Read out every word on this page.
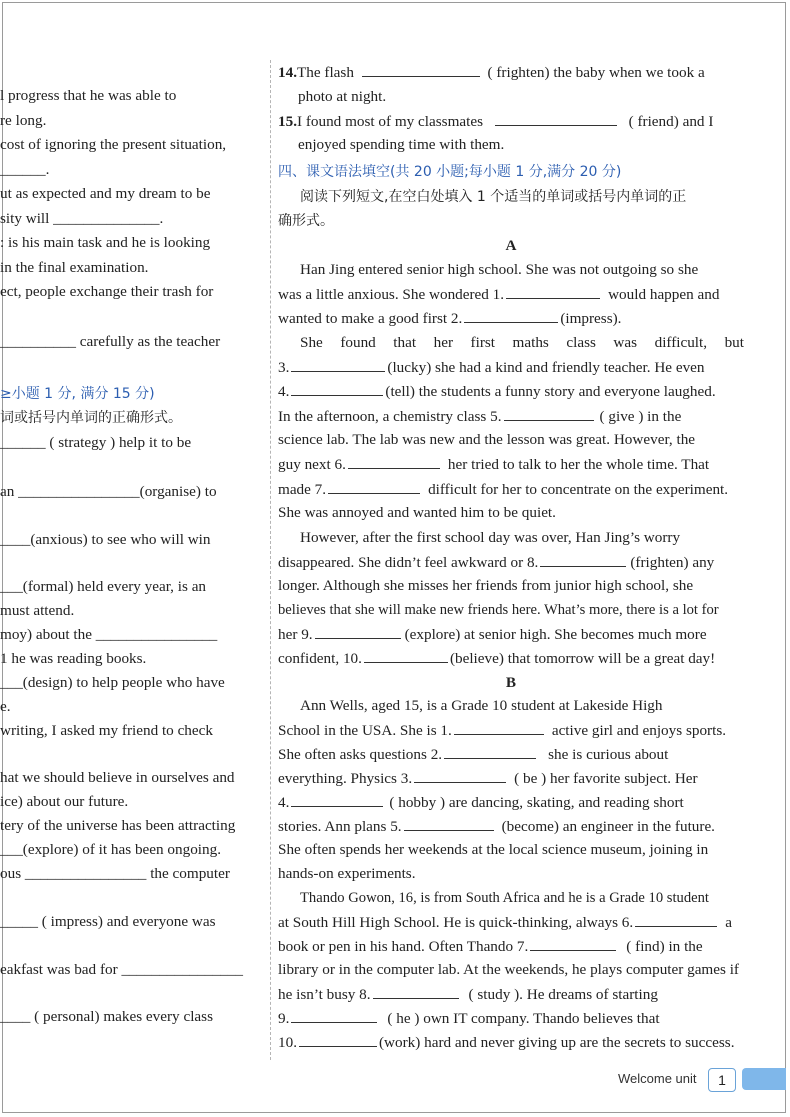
l progress that he was able to
re long.
cost of ignoring the present situation,
______.
ut as expected and my dream to be
sity will ______________.
: is his main task and he is looking
in the final examination.
ect, people exchange their trash for
__________ carefully as the teacher
≥小题 1 分, 满分 15 分)
词或括号内单词的正确形式。
______ ( strategy ) help it to be
an ________________(organise) to
____(anxious) to see who will win
___(formal) held every year, is an
must attend.
moy) about the ________________
1 he was reading books.
___(design) to help people who have
e.
writing, I asked my friend to check
hat we should believe in ourselves and
ice) about our future.
tery of the universe has been attracting
___(explore) of it has been ongoing.
ous ________________ the computer
_____ ( impress) and everyone was
eakfast was bad for ________________
____ ( personal) makes every class
14.The flash	( frighten) the baby when we took a
photo at night.
15.I found most of my classmates	( friend) and I
enjoyed spending time with them.
四、课文语法填空(共 20 小题;每小题 1 分,满分 20 分)
阅读下列短文,在空白处填入 1 个适当的单词或括号内单词的正
确形式。
A
Han Jing entered senior high school. She was not outgoing so she
was a little anxious. She wondered 1.	would happen and
wanted to make a good first 2.	(impress).
She found that her first maths class was difficult, but
3.	(lucky) she had a kind and friendly teacher. He even
4.	(tell) the students a funny story and everyone laughed.
In the afternoon, a chemistry class 5.	( give ) in the
science lab. The lab was new and the lesson was great. However, the
guy next 6.	her tried to talk to her the whole time. That
made 7.	difficult for her to concentrate on the experiment.
She was annoyed and wanted him to be quiet.
However, after the first school day was over, Han Jing’s worry
disappeared. She didn’t feel awkward or 8.	(frighten) any
longer. Although she misses her friends from junior high school, she
believes that she will make new friends here. What’s more, there is a lot for
her 9.	(explore) at senior high. She becomes much more
confident, 10.	(believe) that tomorrow will be a great day!
B
Ann Wells, aged 15, is a Grade 10 student at Lakeside High
School in the USA. She is 1.	active girl and enjoys sports.
She often asks questions 2.	she is curious about
everything. Physics 3.	( be ) her favorite subject. Her
4.	( hobby ) are dancing, skating, and reading short
stories. Ann plans 5.	(become) an engineer in the future.
She often spends her weekends at the local science museum, joining in
hands-on experiments.
Thando Gowon, 16, is from South Africa and he is a Grade 10 student
at South Hill High School. He is quick-thinking, always 6.	a
book or pen in his hand. Often Thando 7.	( find) in the
library or in the computer lab. At the weekends, he plays computer games if
he isn’t busy 8.	( study ). He dreams of starting
9.	( he ) own IT company. Thando believes that
10.	(work) hard and never giving up are the secrets to success.
Welcome unit	1
